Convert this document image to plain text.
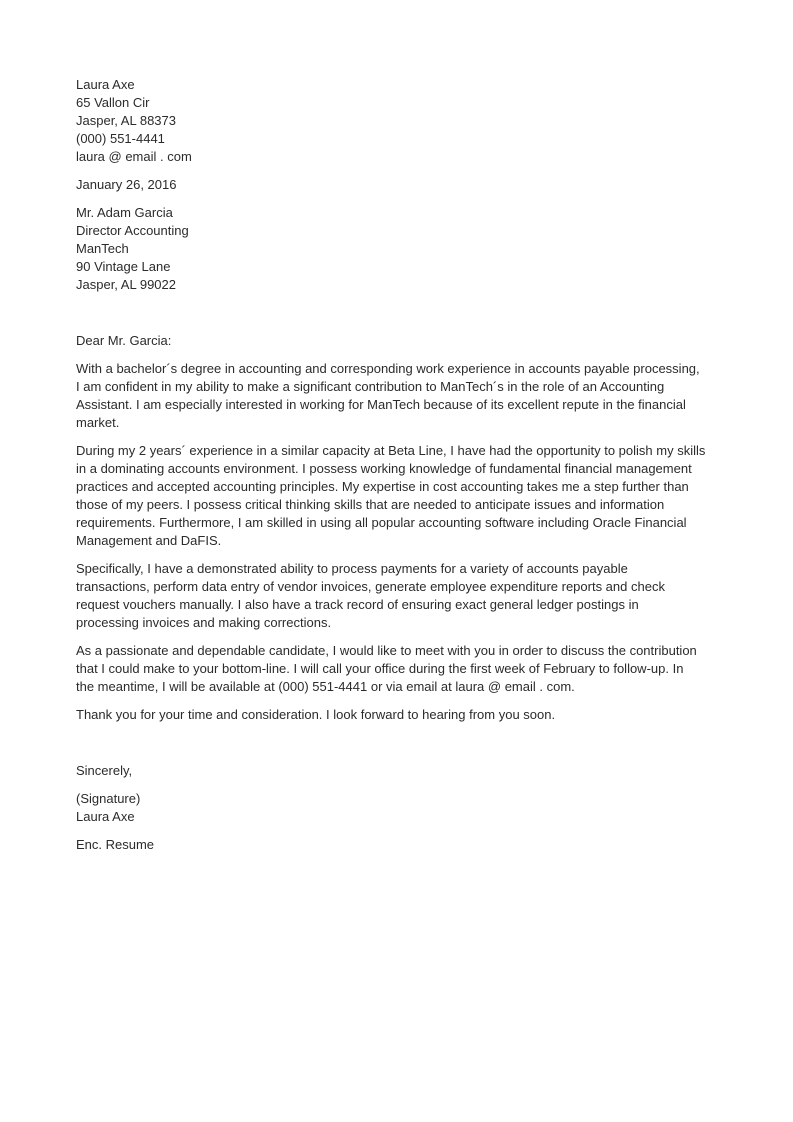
Laura Axe
65 Vallon Cir
Jasper, AL 88373
(000) 551-4441
laura @ email . com
January 26, 2016
Mr. Adam Garcia
Director Accounting
ManTech
90 Vintage Lane
Jasper, AL 99022
Dear Mr. Garcia:
With a bachelor´s degree in accounting and corresponding work experience in accounts payable processing,
I am confident in my ability to make a significant contribution to ManTech´s in the role of an Accounting
Assistant. I am especially interested in working for ManTech because of its excellent repute in the financial
market.
During my 2 years´ experience in a similar capacity at Beta Line, I have had the opportunity to polish my skills
in a dominating accounts environment. I possess working knowledge of fundamental financial management
practices and accepted accounting principles. My expertise in cost accounting takes me a step further than
those of my peers. I possess critical thinking skills that are needed to anticipate issues and information
requirements. Furthermore, I am skilled in using all popular accounting software including Oracle Financial
Management and DaFIS.
Specifically, I have a demonstrated ability to process payments for a variety of accounts payable
transactions, perform data entry of vendor invoices, generate employee expenditure reports and check
request vouchers manually. I also have a track record of ensuring exact general ledger postings in
processing invoices and making corrections.
As a passionate and dependable candidate, I would like to meet with you in order to discuss the contribution
that I could make to your bottom-line. I will call your office during the first week of February to follow-up. In
the meantime, I will be available at (000) 551-4441 or via email at laura @ email . com.
Thank you for your time and consideration. I look forward to hearing from you soon.
Sincerely,
(Signature)
Laura Axe
Enc. Resume
